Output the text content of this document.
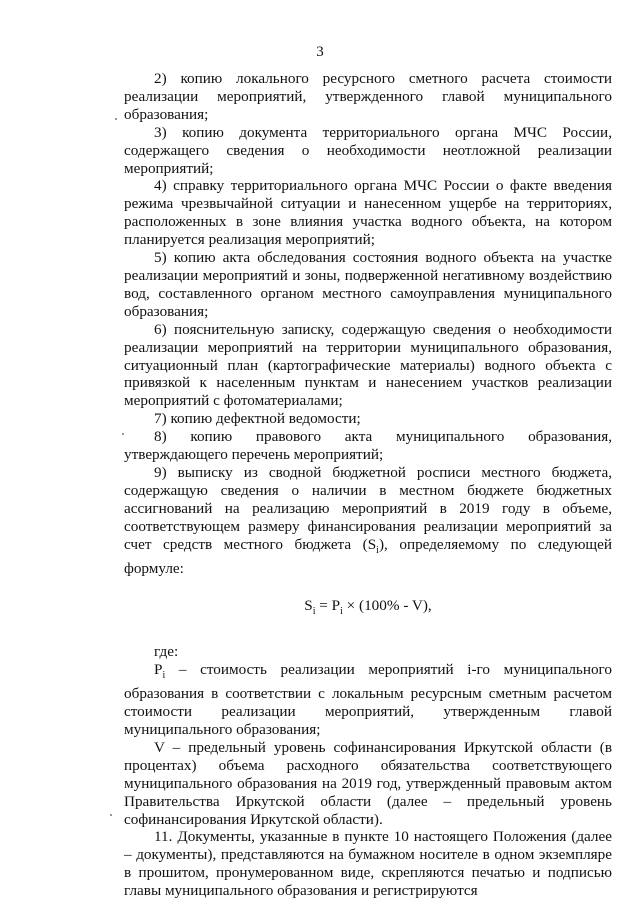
3

2) копию локального ресурсного сметного расчета стоимости реализации мероприятий, утвержденного главой муниципального образования;

3) копию документа территориального органа МЧС России, содержащего сведения о необходимости неотложной реализации мероприятий;

4) справку территориального органа МЧС России о факте введения режима чрезвычайной ситуации и нанесенном ущербе на территориях, расположенных в зоне влияния участка водного объекта, на котором планируется реализация мероприятий;

5) копию акта обследования состояния водного объекта на участке реализации мероприятий и зоны, подверженной негативному воздействию вод, составленного органом местного самоуправления муниципального образования;

6) пояснительную записку, содержащую сведения о необходимости реализации мероприятий на территории муниципального образования, ситуационный план (картографические материалы) водного объекта с привязкой к населенным пунктам и нанесением участков реализации мероприятий с фотоматериалами;

7) копию дефектной ведомости;

8) копию правового акта муниципального образования, утверждающего перечень мероприятий;

9) выписку из сводной бюджетной росписи местного бюджета, содержащую сведения о наличии в местном бюджете бюджетных ассигнований на реализацию мероприятий в 2019 году в объеме, соответствующем размеру финансирования реализации мероприятий за счет средств местного бюджета $(S_i)$, определяемому по следующей формуле:

$S_i = P_i \times (100\% - V)$,

где:

$P_i$ – стоимость реализации мероприятий i-го муниципального образования в соответствии с локальным ресурсным сметным расчетом стоимости реализации мероприятий, утвержденным главой муниципального образования;

V – предельный уровень софинансирования Иркутской области (в процентах) объема расходного обязательства соответствующего муниципального образования на 2019 год, утвержденный правовым актом Правительства Иркутской области (далее – предельный уровень софинансирования Иркутской области).

11. Документы, указанные в пункте 10 настоящего Положения (далее – документы), представляются на бумажном носителе в одном экземпляре в прошитом, пронумерованном виде, скрепляются печатью и подписью главы муниципального образования и регистрируются
